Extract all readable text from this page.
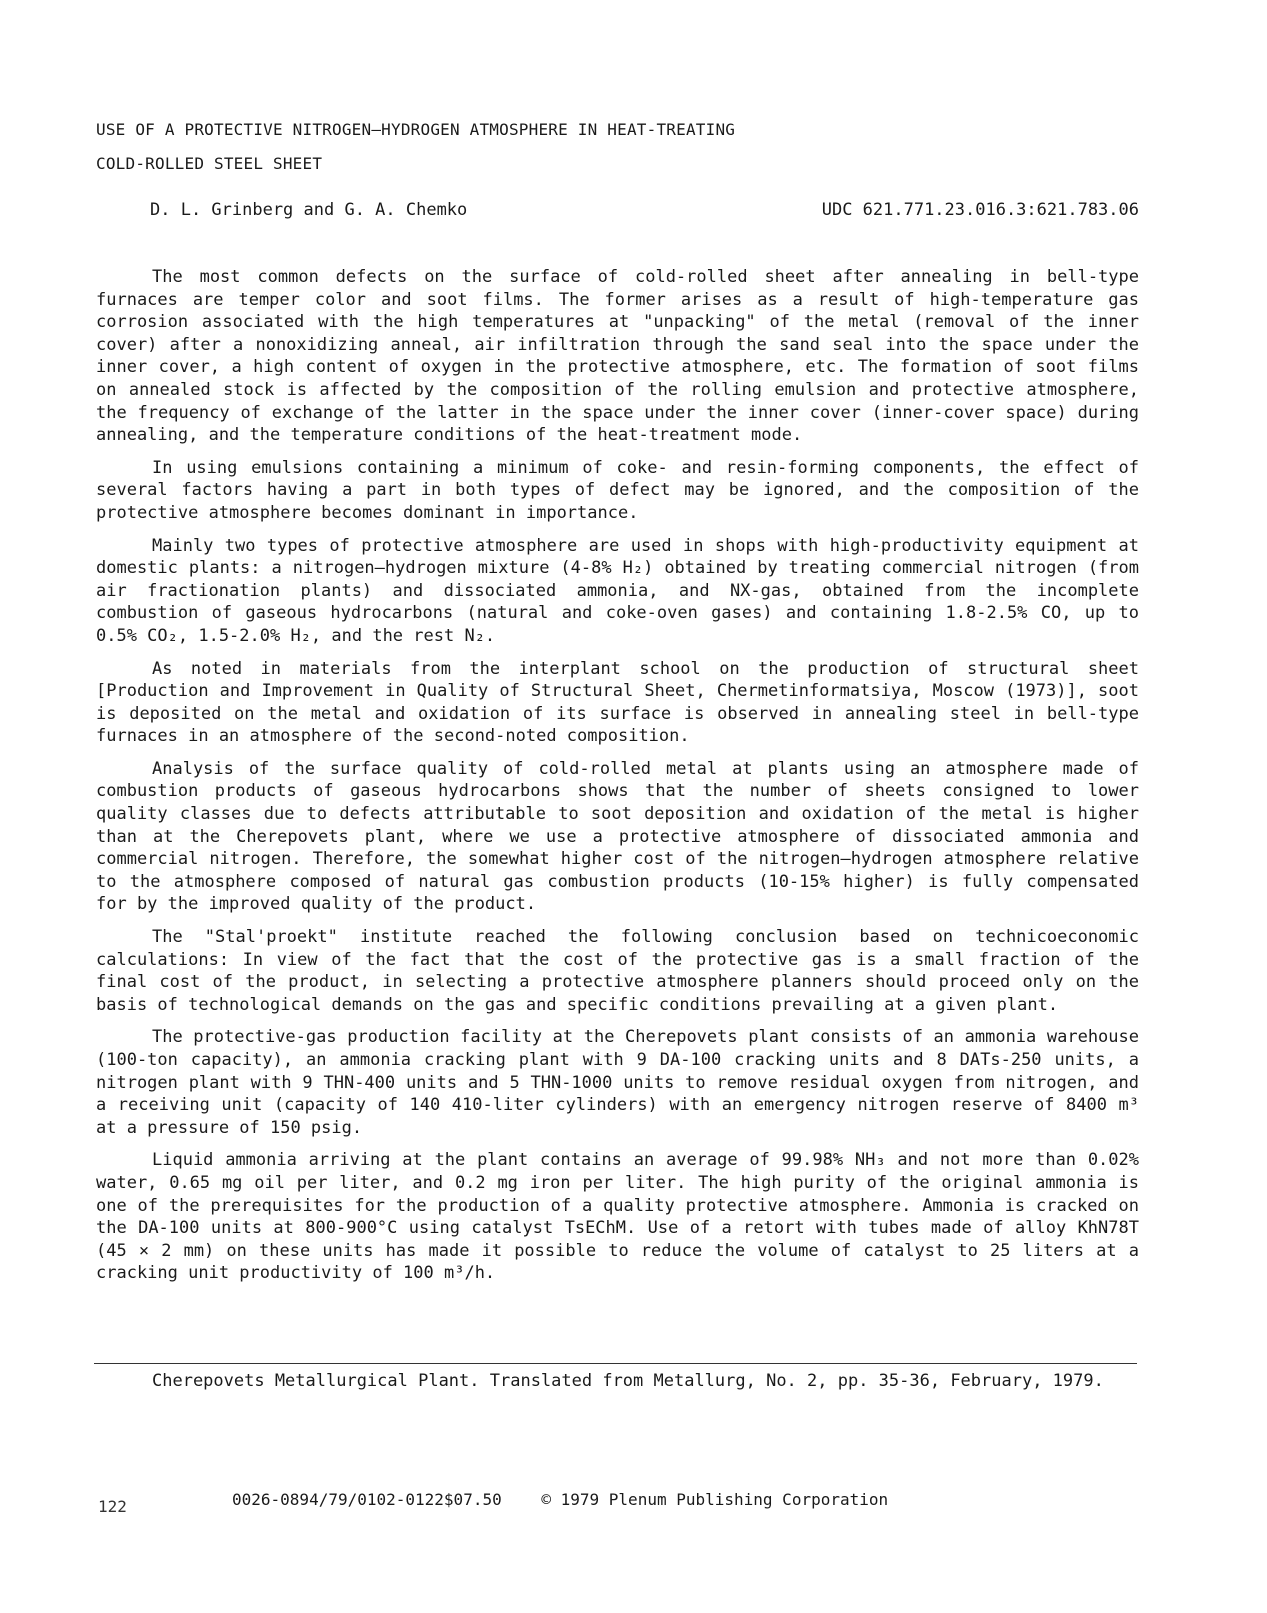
USE OF A PROTECTIVE NITROGEN–HYDROGEN ATMOSPHERE IN HEAT-TREATING
COLD-ROLLED STEEL SHEET
D. L. Grinberg and G. A. Chemko	UDC 621.771.23.016.3:621.783.06

The most common defects on the surface of cold-rolled sheet after annealing in bell-type furnaces are temper color and soot films. The former arises as a result of high-temperature gas corrosion associated with the high temperatures at "unpacking" of the metal (removal of the inner cover) after a nonoxidizing anneal, air infiltration through the sand seal into the space under the inner cover, a high content of oxygen in the protective atmosphere, etc. The formation of soot films on annealed stock is affected by the composition of the rolling emulsion and protective atmosphere, the frequency of exchange of the latter in the space under the inner cover (inner-cover space) during annealing, and the temperature conditions of the heat-treatment mode.

In using emulsions containing a minimum of coke- and resin-forming components, the effect of several factors having a part in both types of defect may be ignored, and the composition of the protective atmosphere becomes dominant in importance.

Mainly two types of protective atmosphere are used in shops with high-productivity equipment at domestic plants: a nitrogen–hydrogen mixture (4-8% H₂) obtained by treating commercial nitrogen (from air fractionation plants) and dissociated ammonia, and NX-gas, obtained from the incomplete combustion of gaseous hydrocarbons (natural and coke-oven gases) and containing 1.8-2.5% CO, up to 0.5% CO₂, 1.5-2.0% H₂, and the rest N₂.

As noted in materials from the interplant school on the production of structural sheet [Production and Improvement in Quality of Structural Sheet, Chermetinformatsiya, Moscow (1973)], soot is deposited on the metal and oxidation of its surface is observed in annealing steel in bell-type furnaces in an atmosphere of the second-noted composition.

Analysis of the surface quality of cold-rolled metal at plants using an atmosphere made of combustion products of gaseous hydrocarbons shows that the number of sheets consigned to lower quality classes due to defects attributable to soot deposition and oxidation of the metal is higher than at the Cherepovets plant, where we use a protective atmosphere of dissociated ammonia and commercial nitrogen. Therefore, the somewhat higher cost of the nitrogen–hydrogen atmosphere relative to the atmosphere composed of natural gas combustion products (10-15% higher) is fully compensated for by the improved quality of the product.

The "Stal'proekt" institute reached the following conclusion based on technicoeconomic calculations: In view of the fact that the cost of the protective gas is a small fraction of the final cost of the product, in selecting a protective atmosphere planners should proceed only on the basis of technological demands on the gas and specific conditions prevailing at a given plant.

The protective-gas production facility at the Cherepovets plant consists of an ammonia warehouse (100-ton capacity), an ammonia cracking plant with 9 DA-100 cracking units and 8 DATs-250 units, a nitrogen plant with 9 THN-400 units and 5 THN-1000 units to remove residual oxygen from nitrogen, and a receiving unit (capacity of 140 410-liter cylinders) with an emergency nitrogen reserve of 8400 m³ at a pressure of 150 psig.

Liquid ammonia arriving at the plant contains an average of 99.98% NH₃ and not more than 0.02% water, 0.65 mg oil per liter, and 0.2 mg iron per liter. The high purity of the original ammonia is one of the prerequisites for the production of a quality protective atmosphere. Ammonia is cracked on the DA-100 units at 800-900°C using catalyst TsEChM. Use of a retort with tubes made of alloy KhN78T (45 × 2 mm) on these units has made it possible to reduce the volume of catalyst to 25 liters at a cracking unit productivity of 100 m³/h.

Cherepovets Metallurgical Plant. Translated from Metallurg, No. 2, pp. 35-36, February, 1979.
122	0026-0894/79/0102-0122$07.50 © 1979 Plenum Publishing Corporation
